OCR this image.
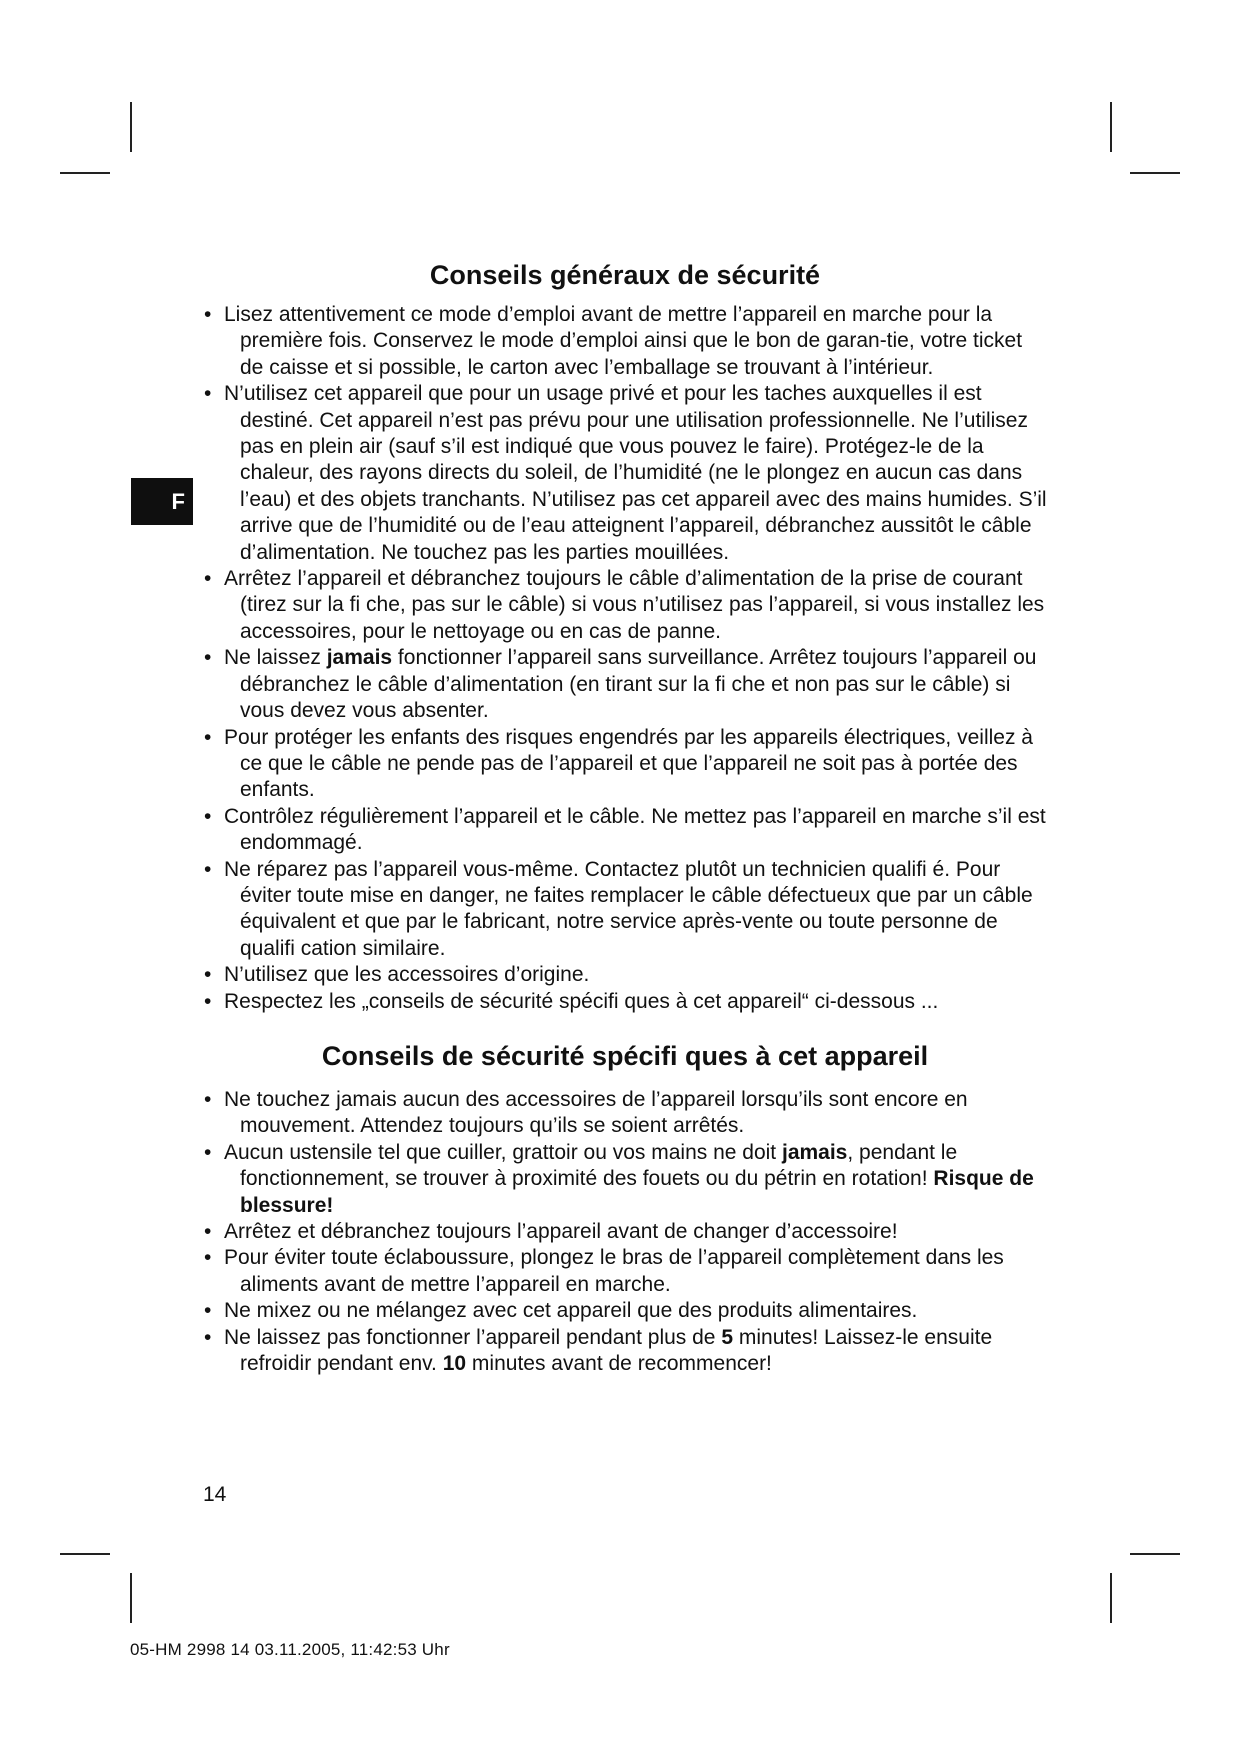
F
Conseils généraux de sécurité
• Lisez attentivement ce mode d’emploi avant de mettre l’appareil en marche pour la première fois. Conservez le mode d’emploi ainsi que le bon de garan-tie, votre ticket de caisse et si possible, le carton avec l’emballage se trouvant à l’intérieur.
• N’utilisez cet appareil que pour un usage privé et pour les taches auxquelles il est destiné. Cet appareil n’est pas prévu pour une utilisation professionnelle. Ne l’utilisez pas en plein air (sauf s’il est indiqué que vous pouvez le faire). Protégez-le de la chaleur, des rayons directs du soleil, de l’humidité (ne le plongez en aucun cas dans l’eau) et des objets tranchants. N’utilisez pas cet appareil avec des mains humides. S’il arrive que de l’humidité ou de l’eau atteignent l’appareil, débranchez aussitôt le câble d’alimentation. Ne touchez pas les parties mouillées.
• Arrêtez l’appareil et débranchez toujours le câble d’alimentation de la prise de courant (tirez sur la fi che, pas sur le câble) si vous n’utilisez pas l’appareil, si vous installez les accessoires, pour le nettoyage ou en cas de panne.
• Ne laissez jamais fonctionner l’appareil sans surveillance. Arrêtez toujours l’appareil ou débranchez le câble d’alimentation (en tirant sur la fi che et non pas sur le câble) si vous devez vous absenter.
• Pour protéger les enfants des risques engendrés par les appareils électriques, veillez à ce que le câble ne pende pas de l’appareil et que l’appareil ne soit pas à portée des enfants.
• Contrôlez régulièrement l’appareil et le câble. Ne mettez pas l’appareil en marche s’il est endommagé.
• Ne réparez pas l’appareil vous-même. Contactez plutôt un technicien qualifi é. Pour éviter toute mise en danger, ne faites remplacer le câble défectueux que par un câble équivalent et que par le fabricant, notre service après-vente ou toute personne de qualifi cation similaire.
• N’utilisez que les accessoires d’origine.
• Respectez les „conseils de sécurité spécifi ques à cet appareil“ ci-dessous ...
Conseils de sécurité spécifi ques à cet appareil
• Ne touchez jamais aucun des accessoires de l’appareil lorsqu’ils sont encore en mouvement. Attendez toujours qu’ils se soient arrêtés.
• Aucun ustensile tel que cuiller, grattoir ou vos mains ne doit jamais, pendant le fonctionnement, se trouver à proximité des fouets ou du pétrin en rotation! Risque de blessure!
• Arrêtez et débranchez toujours l’appareil avant de changer d’accessoire!
• Pour éviter toute éclaboussure, plongez le bras de l’appareil complètement dans les aliments avant de mettre l’appareil en marche.
• Ne mixez ou ne mélangez avec cet appareil que des produits alimentaires.
• Ne laissez pas fonctionner l’appareil pendant plus de 5 minutes! Laissez-le ensuite refroidir pendant env. 10 minutes avant de recommencer!
14
05-HM 2998 14 03.11.2005, 11:42:53 Uhr
